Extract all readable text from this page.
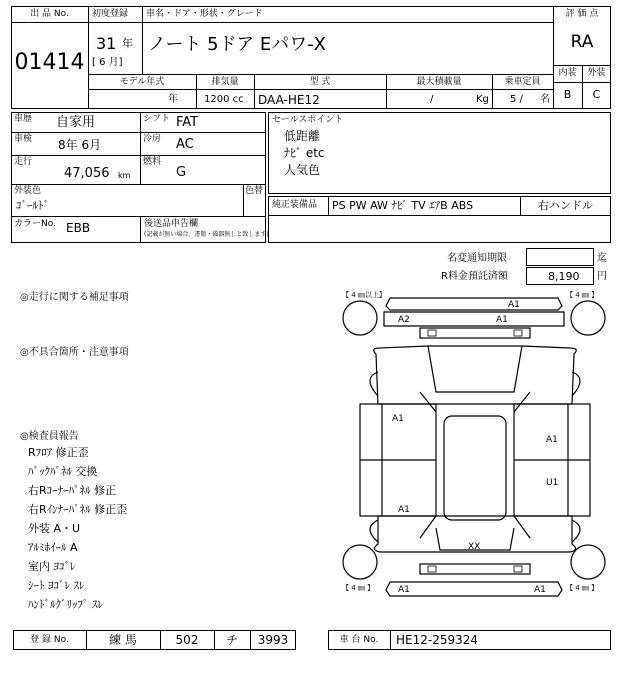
出 品 No.
01414
初度登録
31 年
[ 6 月]
車名・ドア・形状・グレード
ノート 5ドア Eパワ-X
モデル年式
年
排気量
1200 cc
型 式
DAA-HE12
最大積載量
/	Kg
乗車定員
5 / 名
評 価 点
RA
内装	外装
B	C
車歴 自家用	シフト FAT
車検 8年 6月	冷房 AC
走行
47,056 km
燃料
G
外装色
ｺﾞｰﾙﾄﾞ
色替
カラーNo. EBB	後送品申告欄
(記載が無い場合、書類・備器無しと致します)
セールスポイント
低距離
ﾅﾋﾞ etc
人気色
純正装備品 PS PW AW ﾅﾋﾞ TV ｴｱB ABS	右ハンドル
名変通知期限	迄
R料金預託済額	8,190 円
◎走行に関する補足事項
◎不具合箇所・注意事項
◎検査員報告
Rﾌﾛｱ 修正歪
ﾊﾞｯｸﾊﾟﾈﾙ 交換
右Rｺｰﾅｰﾊﾟﾈﾙ 修正
右Rｲﾝﾅｰﾊﾟﾈﾙ 修正歪
外装 A・U
ｱﾙﾐﾎｲｰﾙ A
室内 ﾖｺﾞﾚ
ｼｰﾄ ﾖｺﾞﾚ ｽﾚ
ﾊﾝﾄﾞﾙｸﾞﾘｯﾌﾟ ｽﾚ
【 4 ㎜以上】	【 4 ㎜ 】
【 4 ㎜ 】	【 4 ㎜ 】
A1
A2	A1
A1
A1
U1
A1
XX
A1	A1
登 録 No.	練 馬	502	チ	3993	車 台 No.	HE12-259324
